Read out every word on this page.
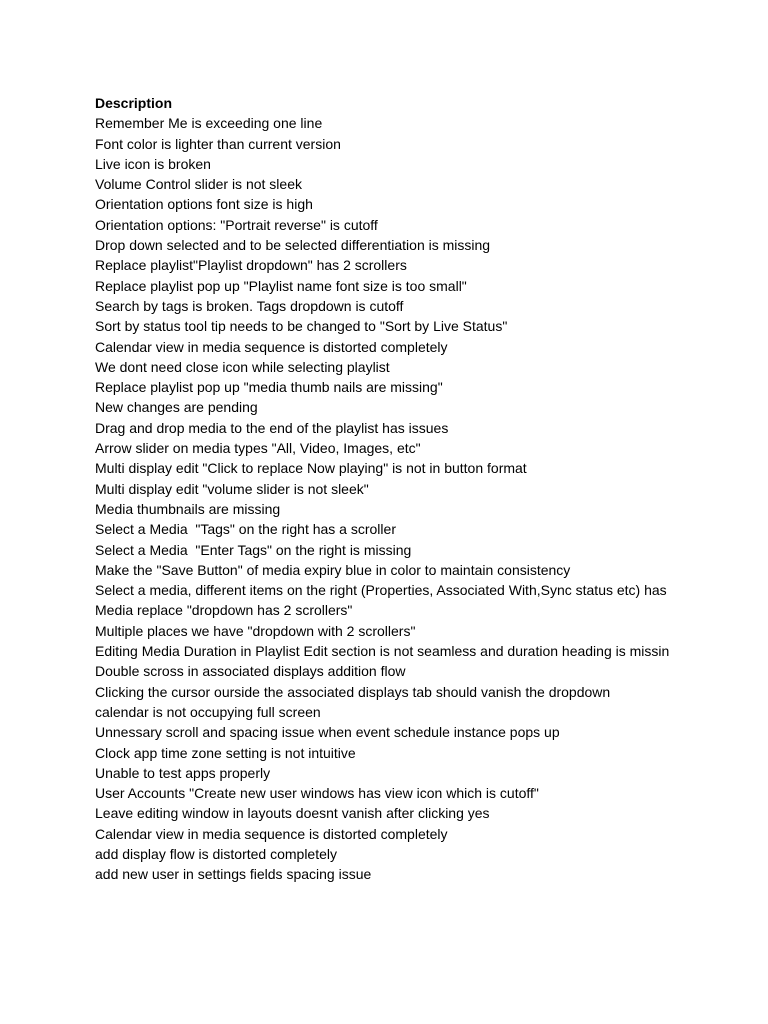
Description
Remember Me is exceeding one line
Font color is lighter than current version
Live icon is broken
Volume Control slider is not sleek
Orientation options font size is high
Orientation options: "Portrait reverse" is cutoff
Drop down selected and to be selected differentiation is missing
Replace playlist"Playlist dropdown" has 2 scrollers
Replace playlist pop up "Playlist name font size is too small"
Search by tags is broken. Tags dropdown is cutoff
Sort by status tool tip needs to be changed to "Sort by Live Status"
Calendar view in media sequence is distorted completely
We dont need close icon while selecting playlist
Replace playlist pop up "media thumb nails are missing"
New changes are pending
Drag and drop media to the end of the playlist has issues
Arrow slider on media types "All, Video, Images, etc"
Multi display edit "Click to replace Now playing" is not in button format
Multi display edit "volume slider is not sleek"
Media thumbnails are missing
Select a Media  "Tags" on the right has a scroller
Select a Media  "Enter Tags" on the right is missing
Make the "Save Button" of media expiry blue in color to maintain consistency
Select a media, different items on the right (Properties, Associated With,Sync status etc) has
Media replace "dropdown has 2 scrollers"
Multiple places we have "dropdown with 2 scrollers"
Editing Media Duration in Playlist Edit section is not seamless and duration heading is missin
Double scross in associated displays addition flow
Clicking the cursor ourside the associated displays tab should vanish the dropdown
calendar is not occupying full screen
Unnessary scroll and spacing issue when event schedule instance pops up
Clock app time zone setting is not intuitive
Unable to test apps properly
User Accounts "Create new user windows has view icon which is cutoff"
Leave editing window in layouts doesnt vanish after clicking yes
Calendar view in media sequence is distorted completely
add display flow is distorted completely
add new user in settings fields spacing issue
